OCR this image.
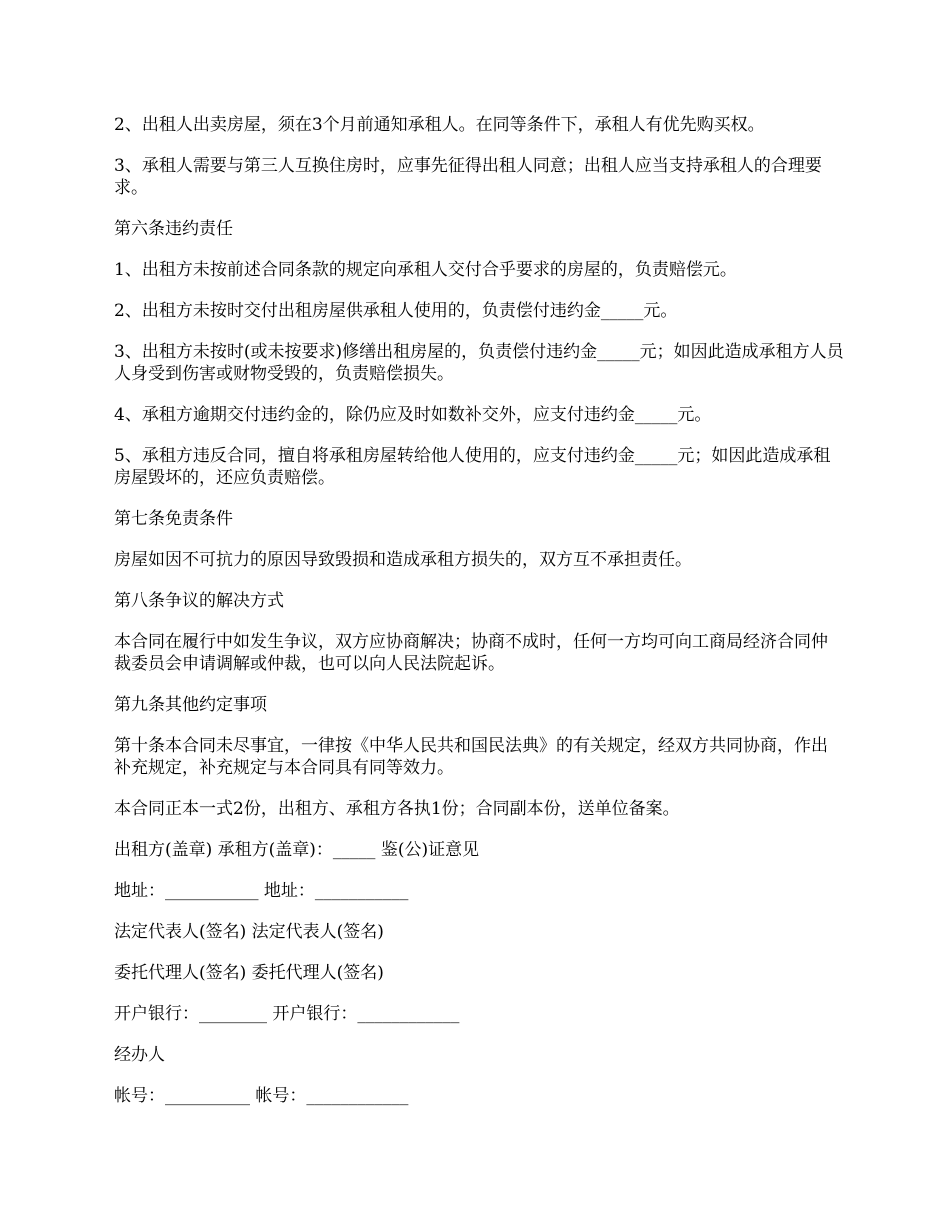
2、出租人出卖房屋，须在3个月前通知承租人。在同等条件下，承租人有优先购买权。

3、承租人需要与第三人互换住房时，应事先征得出租人同意；出租人应当支持承租人的合理要求。

第六条违约责任

1、出租方未按前述合同条款的规定向承租人交付合乎要求的房屋的，负责赔偿元。

2、出租方未按时交付出租房屋供承租人使用的，负责偿付违约金_____元。

3、出租方未按时(或未按要求)修缮出租房屋的，负责偿付违约金_____元；如因此造成承租方人员人身受到伤害或财物受毁的，负责赔偿损失。

4、承租方逾期交付违约金的，除仍应及时如数补交外，应支付违约金_____元。

5、承租方违反合同，擅自将承租房屋转给他人使用的，应支付违约金_____元；如因此造成承租房屋毁坏的，还应负责赔偿。

第七条免责条件

房屋如因不可抗力的原因导致毁损和造成承租方损失的，双方互不承担责任。

第八条争议的解决方式

本合同在履行中如发生争议，双方应协商解决；协商不成时，任何一方均可向工商局经济合同仲裁委员会申请调解或仲裁，也可以向人民法院起诉。

第九条其他约定事项

第十条本合同未尽事宜，一律按《中华人民共和国民法典》的有关规定，经双方共同协商，作出补充规定，补充规定与本合同具有同等效力。

本合同正本一式2份，出租方、承租方各执1份；合同副本份，送单位备案。

出租方(盖章) 承租方(盖章)：_____ 鉴(公)证意见

地址：___________ 地址：___________

法定代表人(签名) 法定代表人(签名)

委托代理人(签名) 委托代理人(签名)

开户银行：________ 开户银行：____________

经办人

帐号：__________ 帐号：____________
